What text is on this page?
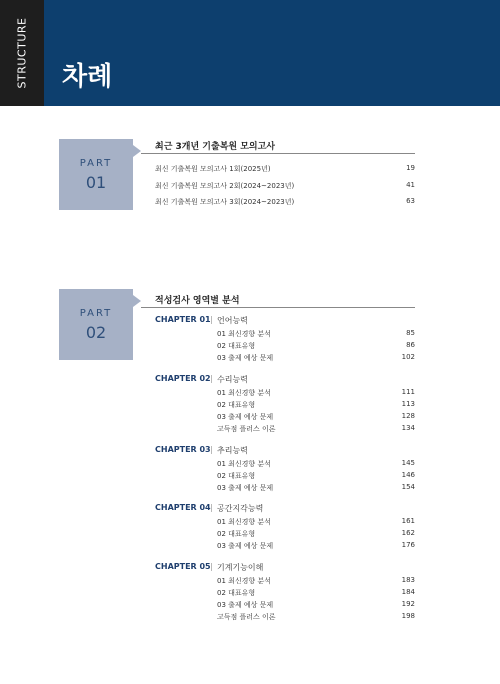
STRUCTURE 차례
PART
01
최근 3개년 기출복원 모의고사
최신 기출복원 모의고사 1회(2025년)	19
최신 기출복원 모의고사 2회(2024~2023년)	41
최신 기출복원 모의고사 3회(2024~2023년)	63
PART
02
적성검사 영역별 분석
CHAPTER 01 | 언어능력
01 최신경향 분석	85
02 대표유형	86
03 출제 예상 문제	102
CHAPTER 02 | 수리능력
01 최신경향 분석	111
02 대표유형	113
03 출제 예상 문제	128
고득점 플러스 이론	134
CHAPTER 03 | 추리능력
01 최신경향 분석	145
02 대표유형	146
03 출제 예상 문제	154
CHAPTER 04 | 공간지각능력
01 최신경향 분석	161
02 대표유형	162
03 출제 예상 문제	176
CHAPTER 05 | 기계기능이해
01 최신경향 분석	183
02 대표유형	184
03 출제 예상 문제	192
고득점 플러스 이론	198
